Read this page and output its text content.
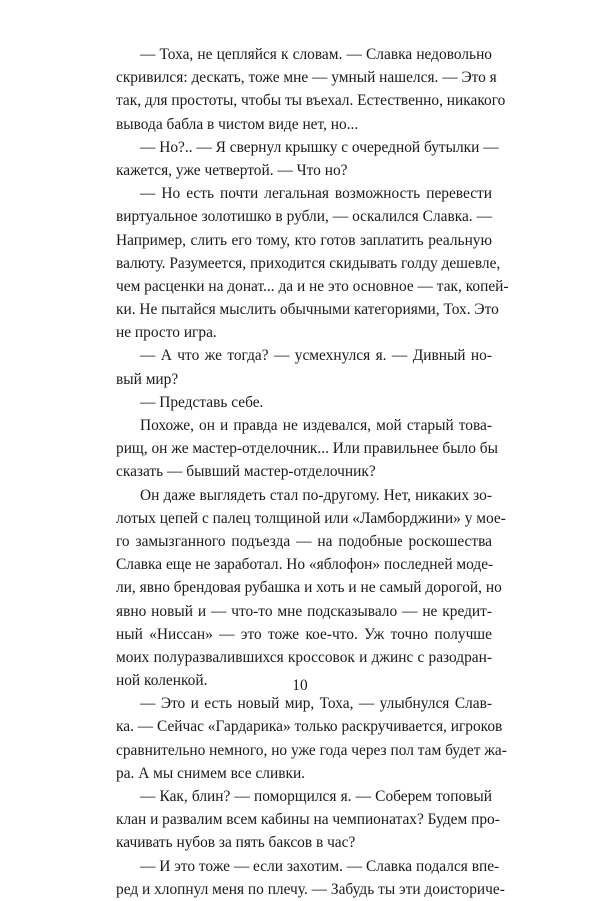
— Тоха, не цепляйся к словам. — Славка недовольно
скривился: дескать, тоже мне — умный нашелся. — Это я
так, для простоты, чтобы ты въехал. Естественно, никакого
вывода бабла в чистом виде нет, но...
— Но?.. — Я свернул крышку с очередной бутылки —
кажется, уже четвертой. — Что но?
— Но есть почти легальная возможность перевести
виртуальное золотишко в рубли, — оскалился Славка. —
Например, слить его тому, кто готов заплатить реальную
валюту. Разумеется, приходится скидывать голду дешевле,
чем расценки на донат... да и не это основное — так, копей-
ки. Не пытайся мыслить обычными категориями, Тох. Это
не просто игра.
— А что же тогда? — усмехнулся я. — Дивный но-
вый мир?
— Представь себе.
Похоже, он и правда не издевался, мой старый това-
рищ, он же мастер-отделочник... Или правильнее было бы
сказать — бывший мастер-отделочник?
Он даже выглядеть стал по-другому. Нет, никаких зо-
лотых цепей с палец толщиной или «Ламборджини» у мое-
го замызганного подъезда — на подобные роскошества
Славка еще не заработал. Но «яблофон» последней моде-
ли, явно брендовая рубашка и хоть и не самый дорогой, но
явно новый и — что-то мне подсказывало — не кредит-
ный «Ниссан» — это тоже кое-что. Уж точно получше
моих полуразвалившихся кроссовок и джинс с разодран-
ной коленкой.
— Это и есть новый мир, Тоха, — улыбнулся Слав-
ка. — Сейчас «Гардарика» только раскручивается, игроков
сравнительно немного, но уже года через пол там будет жа-
ра. А мы снимем все сливки.
— Как, блин? — поморщился я. — Соберем топовый
клан и развалим всем кабины на чемпионатах? Будем про-
качивать нубов за пять баксов в час?
— И это тоже — если захотим. — Славка подался впе-
ред и хлопнул меня по плечу. — Забудь ты эти доисториче-
10
